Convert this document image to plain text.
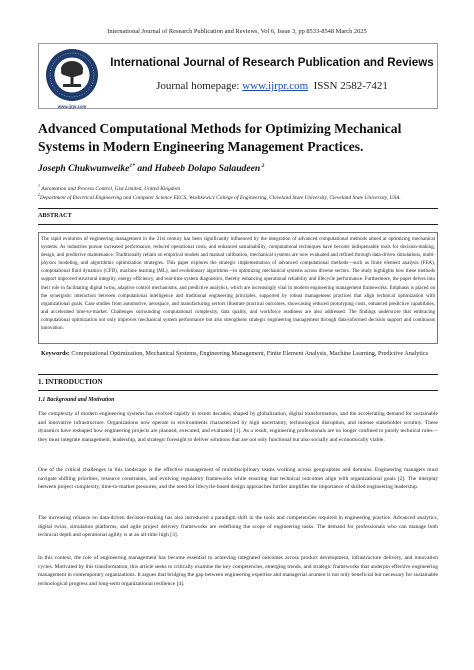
International Journal of Research Publication and Reviews, Vol 6, Issue 3, pp 8533-8548 March 2025
www.ijrpr.com
International Journal of Research Publication and Reviews
Journal homepage: www.ijrpr.com ISSN 2582-7421
Advanced Computational Methods for Optimizing Mechanical Systems in Modern Engineering Management Practices.
Joseph Chukwunweike$^{1*}$ and Habeeb Dolapo Salaudeen $^2$
$^1$ Automation and Process Control, Gist Limited, United Kingdom
$^2$Department of Electrical Engineering and Computer Science EECS, Washkewicz College of Engineering, Cleveland State University, Cleveland State University, USA.
ABSTRACT
The rapid evolution of engineering management in the 21st century has been significantly influenced by the integration of advanced computational methods aimed at optimizing mechanical systems. As industries pursue increased performance, reduced operational costs, and enhanced sustainability, computational techniques have become indispensable tools for decision-making, design, and predictive maintenance. Traditionally reliant on empirical models and manual calibration, mechanical systems are now evaluated and refined through data-driven simulations, multi-physics modeling, and algorithmic optimization strategies. This paper explores the strategic implementation of advanced computational methods—such as finite element analysis (FEA), computational fluid dynamics (CFD), machine learning (ML), and evolutionary algorithms—in optimizing mechanical systems across diverse sectors. The study highlights how these methods support improved structural integrity, energy efficiency, and real-time system diagnostics, thereby enhancing operational reliability and lifecycle performance. Furthermore, the paper delves into their role in facilitating digital twins, adaptive control mechanisms, and predictive analytics, which are increasingly vital in modern engineering management frameworks. Emphasis is placed on the synergistic interaction between computational intelligence and traditional engineering principles, supported by robust management practices that align technical optimization with organizational goals. Case studies from automotive, aerospace, and manufacturing sectors illustrate practical outcomes, showcasing reduced prototyping costs, enhanced predictive capabilities, and accelerated time-to-market. Challenges surrounding computational complexity, data quality, and workforce readiness are also addressed. The findings underscore that embracing computational optimization not only improves mechanical system performance but also strengthens strategic engineering management through data-informed decision support and continuous innovation.
Keywords: Computational Optimization, Mechanical Systems, Engineering Management, Finite Element Analysis, Machine Learning, Predictive Analytics
1. INTRODUCTION
1.1 Background and Motivation
The complexity of modern engineering systems has evolved rapidly in recent decades, shaped by globalization, digital transformation, and the accelerating demand for sustainable and innovative infrastructure. Organizations now operate in environments characterized by high uncertainty, technological disruption, and intense stakeholder scrutiny. These dynamics have reshaped how engineering projects are planned, executed, and evaluated [1]. As a result, engineering professionals are no longer confined to purely technical roles—they must integrate management, leadership, and strategic foresight to deliver solutions that are not only functional but also socially and economically viable.
One of the critical challenges in this landscape is the effective management of multidisciplinary teams working across geographies and domains. Engineering managers must navigate shifting priorities, resource constraints, and evolving regulatory frameworks while ensuring that technical outcomes align with organizational goals [2]. The interplay between project complexity, time-to-market pressures, and the need for lifecycle-based design approaches further amplifies the importance of skilled engineering leadership.
The increasing reliance on data-driven decision-making has also introduced a paradigm shift in the tools and competencies required in engineering practice. Advanced analytics, digital twins, simulation platforms, and agile project delivery frameworks are redefining the scope of engineering tasks. The demand for professionals who can manage both technical depth and operational agility is at an all-time high [3].
In this context, the role of engineering management has become essential to achieving integrated outcomes across product development, infrastructure delivery, and innovation cycles. Motivated by this transformation, this article seeks to critically examine the key competencies, emerging trends, and strategic frameworks that underpin effective engineering management in contemporary organizations. It argues that bridging the gap between engineering expertise and managerial acumen is not only beneficial but necessary for sustainable technological progress and long-term organizational resilience [4].
